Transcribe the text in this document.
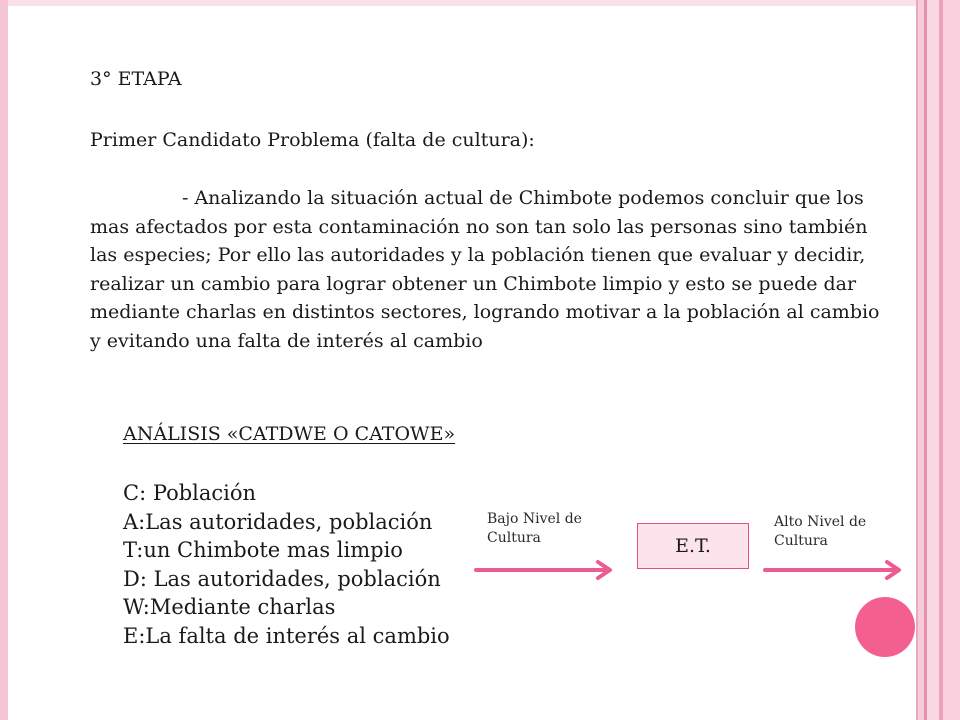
3° ETAPA
Primer Candidato Problema (falta de cultura):

- Analizando la situación actual de Chimbote podemos concluir que los mas afectados por esta contaminación no son tan solo las personas sino también las especies; Por ello las autoridades y la población tienen que evaluar y decidir, realizar un cambio para lograr obtener un Chimbote limpio y esto se puede dar mediante charlas en distintos sectores, logrando motivar a la población al cambio y evitando una falta de interés al cambio

ANÁLISIS «CATDWE O CATOWE»
C: Población
A:Las autoridades, población
T:un Chimbote mas limpio
D: Las autoridades, población
W:Mediante charlas
E:La falta de interés al cambio
Bajo Nivel de
Cultura	E.T.
Alto Nivel de
Cultura
